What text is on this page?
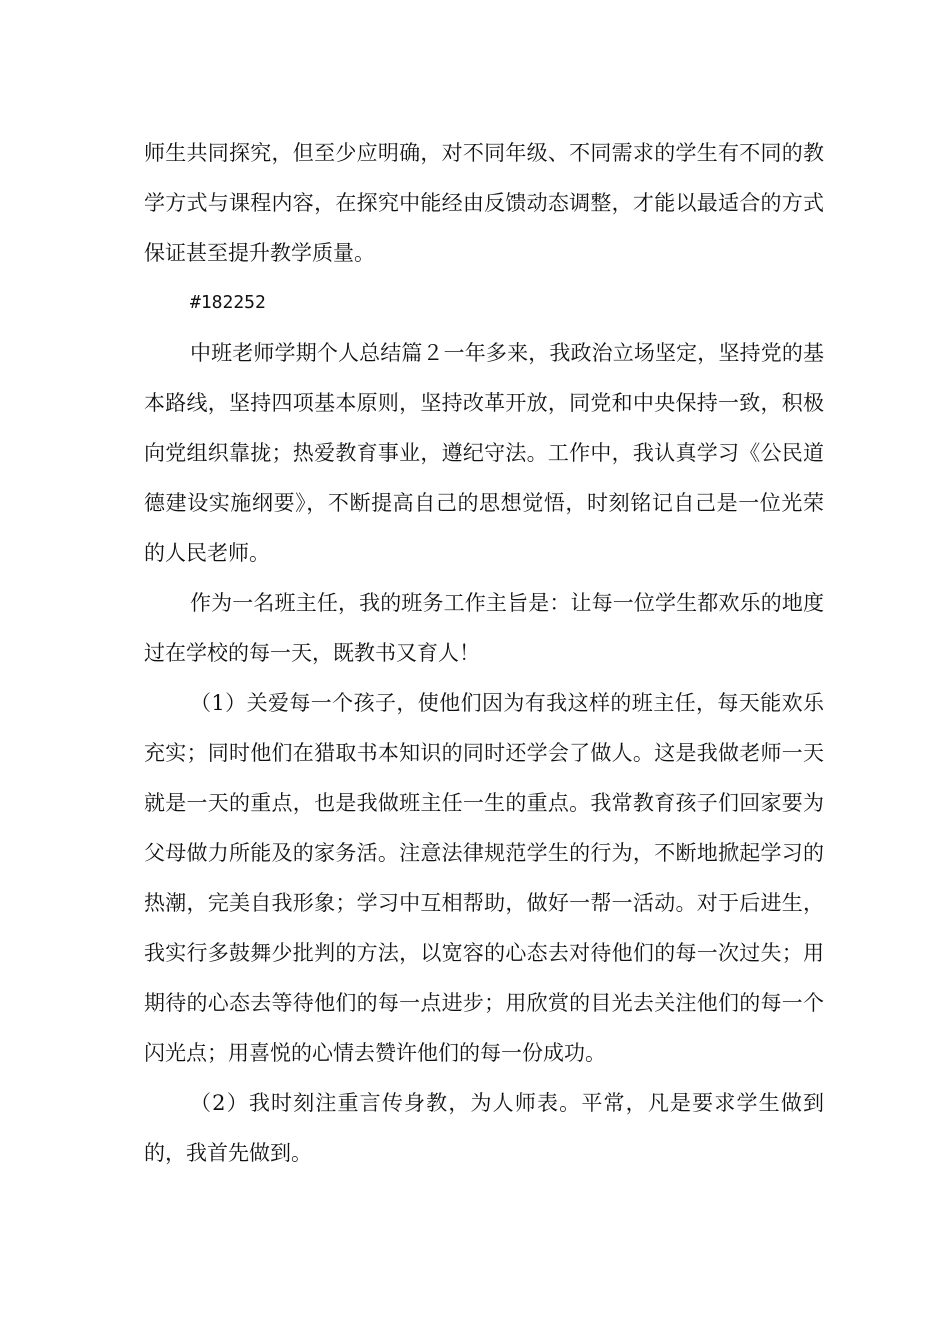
师生共同探究，但至少应明确，对不同年级、不同需求的学生有不同的教学方式与课程内容，在探究中能经由反馈动态调整，才能以最适合的方式保证甚至提升教学质量。

#182252

中班老师学期个人总结篇２一年多来，我政治立场坚定，坚持党的基本路线，坚持四项基本原则，坚持改革开放，同党和中央保持一致，积极向党组织靠拢；热爱教育事业，遵纪守法。工作中，我认真学习《公民道德建设实施纲要》，不断提高自己的思想觉悟，时刻铭记自己是一位光荣的人民老师。

作为一名班主任，我的班务工作主旨是：让每一位学生都欢乐的地度过在学校的每一天，既教书又育人！

（1）关爱每一个孩子，使他们因为有我这样的班主任，每天能欢乐充实；同时他们在猎取书本知识的同时还学会了做人。这是我做老师一天就是一天的重点，也是我做班主任一生的重点。我常教育孩子们回家要为父母做力所能及的家务活。注意法律规范学生的行为，不断地掀起学习的热潮，完美自我形象；学习中互相帮助，做好一帮一活动。对于后进生，我实行多鼓舞少批判的方法，以宽容的心态去对待他们的每一次过失；用期待的心态去等待他们的每一点进步；用欣赏的目光去关注他们的每一个闪光点；用喜悦的心情去赞许他们的每一份成功。

（2）我时刻注重言传身教，为人师表。平常，凡是要求学生做到的，我首先做到。
